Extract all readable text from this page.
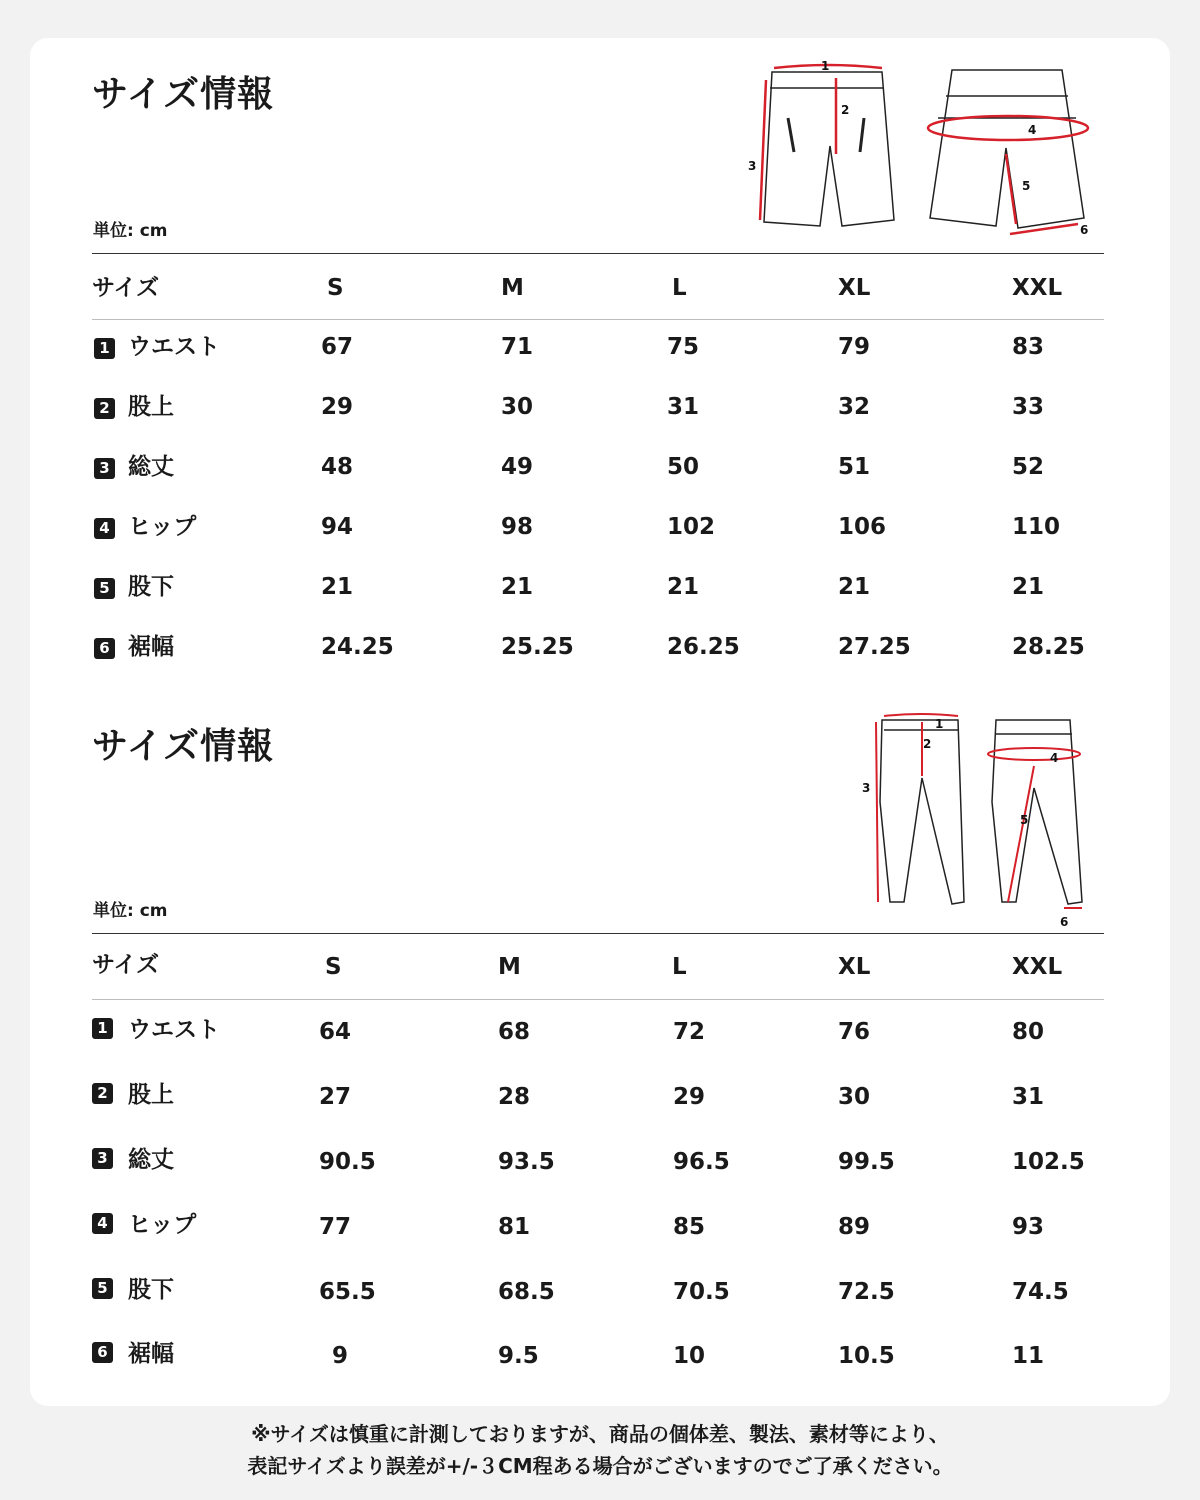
サイズ情報
単位: cm
1
2
3
4
5
6
サイズ	S	M	L	XL	XXL
1 ウエスト	67	71	75	79	83
2 股上	29	30	31	32	33
3 総丈	48	49	50	51	52
4 ヒップ	94	98	102	106	110
5 股下	21	21	21	21	21
6 裾幅	24.25	25.25	26.25	27.25	28.25
サイズ情報
単位: cm
1
2
3
4
5
6
サイズ	S	M	L	XL	XXL
1 ウエスト	64	68	72	76	80
2 股上	27	28	29	30	31
3 総丈	90.5	93.5	96.5	99.5	102.5
4 ヒップ	77	81	85	89	93
5 股下	65.5	68.5	70.5	72.5	74.5
6 裾幅	9	9.5	10	10.5	11
※サイズは慎重に計測しておりますが、商品の個体差、製法、素材等により、
表記サイズより誤差が+/-３CM程ある場合がございますのでご了承ください。
